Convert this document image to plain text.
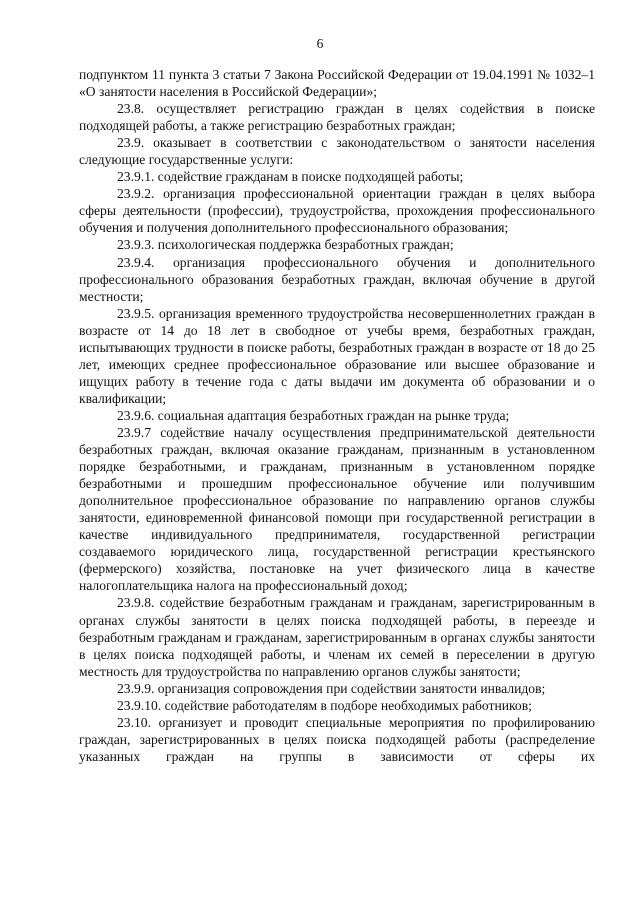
6

подпунктом 11 пункта 3 статьи 7 Закона Российской Федерации от 19.04.1991 № 1032–1 «О занятости населения в Российской Федерации»;

23.8. осуществляет регистрацию граждан в целях содействия в поиске подходящей работы, а также регистрацию безработных граждан;

23.9. оказывает в соответствии с законодательством о занятости населения следующие государственные услуги:

23.9.1. содействие гражданам в поиске подходящей работы;

23.9.2. организация профессиональной ориентации граждан в целях выбора сферы деятельности (профессии), трудоустройства, прохождения профессионального обучения и получения дополнительного профессионального образования;

23.9.3. психологическая поддержка безработных граждан;

23.9.4. организация профессионального обучения и дополнительного профессионального образования безработных граждан, включая обучение в другой местности;

23.9.5. организация временного трудоустройства несовершеннолетних граждан в возрасте от 14 до 18 лет в свободное от учебы время, безработных граждан, испытывающих трудности в поиске работы, безработных граждан в возрасте от 18 до 25 лет, имеющих среднее профессиональное образование или высшее образование и ищущих работу в течение года с даты выдачи им документа об образовании и о квалификации;

23.9.6. социальная адаптация безработных граждан на рынке труда;

23.9.7 содействие началу осуществления предпринимательской деятельности безработных граждан, включая оказание гражданам, признанным в установленном порядке безработными, и гражданам, признанным в установленном порядке безработными и прошедшим профессиональное обучение или получившим дополнительное профессиональное образование по направлению органов службы занятости, единовременной финансовой помощи при государственной регистрации в качестве индивидуального предпринимателя, государственной регистрации создаваемого юридического лица, государственной регистрации крестьянского (фермерского) хозяйства, постановке на учет физического лица в качестве налогоплательщика налога на профессиональный доход;

23.9.8. содействие безработным гражданам и гражданам, зарегистрированным в органах службы занятости в целях поиска подходящей работы, в переезде и безработным гражданам и гражданам, зарегистрированным в органах службы занятости в целях поиска подходящей работы, и членам их семей в переселении в другую местность для трудоустройства по направлению органов службы занятости;

23.9.9. организация сопровождения при содействии занятости инвалидов;

23.9.10. содействие работодателям в подборе необходимых работников;

23.10. организует и проводит специальные мероприятия по профилированию граждан, зарегистрированных в целях поиска подходящей работы (распределение указанных граждан на группы в зависимости от сферы их
